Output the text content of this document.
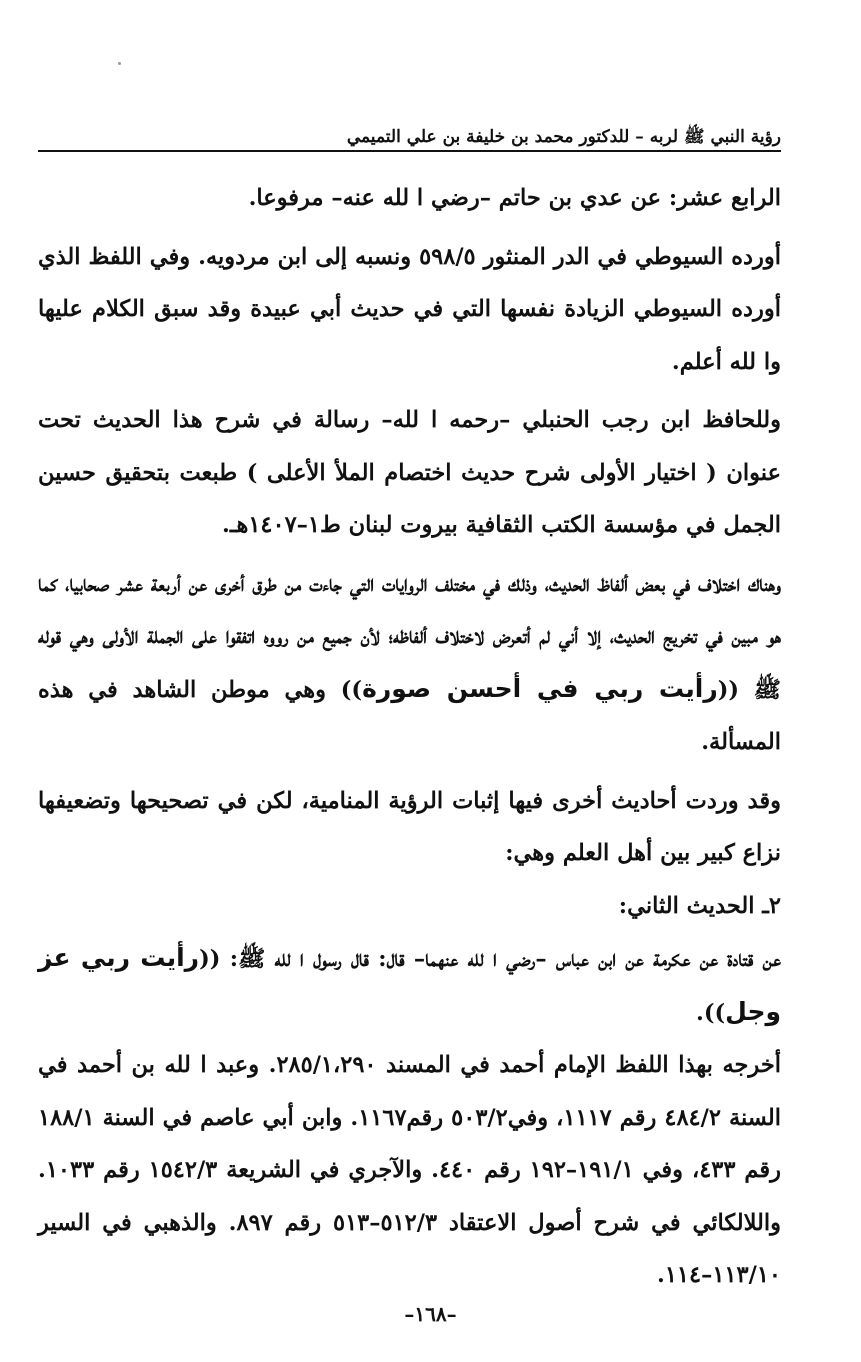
رؤية النبي ﷺ لربه – للدكتور محمد بن خليفة بن علي التميمي

الرابع عشر: عن عدي بن حاتم –رضي ا لله عنه– مرفوعا.

أورده السيوطي في الدر المنثور ٥٩٨/٥ ونسبه إلى ابن مردويه. وفي اللفظ الذي أورده السيوطي الزيادة نفسها التي في حديث أبي عبيدة وقد سبق الكلام عليها وا لله أعلم.

وللحافظ ابن رجب الحنبلي –رحمه ا لله– رسالة في شرح هذا الحديث تحت عنوان ( اختيار الأولى شرح حديث اختصام الملأ الأعلى ) طبعت بتحقيق حسين الجمل في مؤسسة الكتب الثقافية بيروت لبنان ط١–١٤٠٧هـ.

وهناك اختلاف في بعض ألفاظ الحديث، وذلك في مختلف الروايات التي جاءت من طرق أخرى عن أربعة عشر صحابيا، كما هو مبين في تخريج الحديث، إلا أني لم أتعرض لاختلاف ألفاظه؛ لأن جميع من رووه اتفقوا على الجملة الأولى وهي قوله ﷺ ((رأيت ربي في أحسن صورة)) وهي موطن الشاهد في هذه المسألة.

وقد وردت أحاديث أخرى فيها إثبات الرؤية المنامية، لكن في تصحيحها وتضعيفها نزاع كبير بين أهل العلم وهي:

٢ـ الحديث الثاني:

عن قتادة عن عكرمة عن ابن عباس –رضي ا لله عنهما– قال: قال رسول ا لله ﷺ: ((رأيت ربي عز وجل)).

أخرجه بهذا اللفظ الإمام أحمد في المسند ٢٨٥/١،٢٩٠. وعبد ا لله بن أحمد في السنة ٤٨٤/٢ رقم ١١١٧، وفي٥٠٣/٢ رقم١١٦٧. وابن أبي عاصم في السنة ١٨٨/١ رقم ٤٣٣، وفي ١٩١/١–١٩٢ رقم ٤٤٠. والآجري في الشريعة ١٥٤٢/٣ رقم ١٠٣٣. واللالكائي في شرح أصول الاعتقاد ٥١٢/٣–٥١٣ رقم ٨٩٧. والذهبي في السير ١١٣/١٠–١١٤.

–١٦٨–
